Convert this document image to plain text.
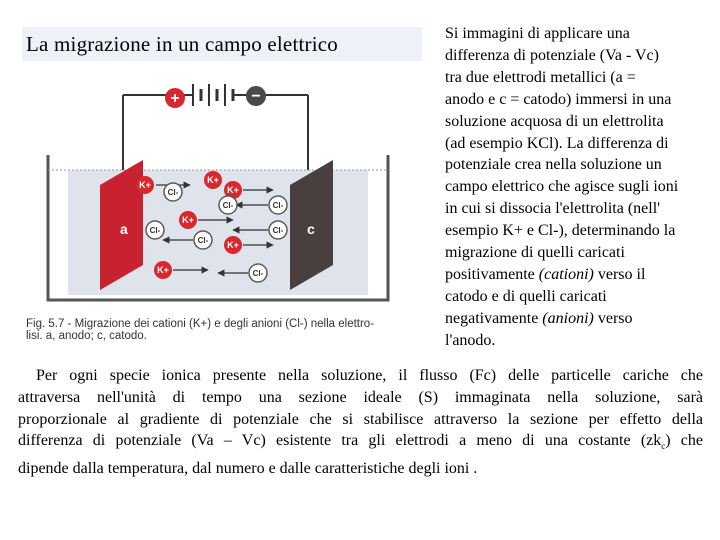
La migrazione in un campo elettrico
+	−
a	c
K+	K+
K+
K+
K+
K+
Cl-
Cl-
Cl-
Cl-
Cl-
Cl-
Cl-
Fig. 5.7 - Migrazione dei cationi (K+) e degli anioni (Cl-) nella elettro-
lisi. a, anodo; c, catodo.
Si immagini di applicare una
differenza di potenziale (Va - Vc)
tra due elettrodi metallici (a =
anodo e c = catodo) immersi in una
soluzione acquosa di un elettrolita
(ad esempio KCl). La differenza di
potenziale crea nella soluzione un
campo elettrico che agisce sugli ioni
in cui si dissocia l'elettrolita (nell'
esempio K+ e Cl-), determinando la
migrazione di quelli caricati
positivamente (cationi) verso il
catodo e di quelli caricati
negativamente (anioni) verso
l'anodo.
Per ogni specie ionica presente nella soluzione, il flusso (Fc) delle particelle cariche che
attraversa nell'unità di tempo una sezione ideale (S) immaginata nella soluzione, sarà
proporzionale al gradiente di potenziale che si stabilisce attraverso la sezione per effetto della
differenza di potenziale (Va – Vc) esistente tra gli elettrodi a meno di una costante $(zk_c)$ che
dipende dalla temperatura, dal numero e dalle caratteristiche degli ioni .
